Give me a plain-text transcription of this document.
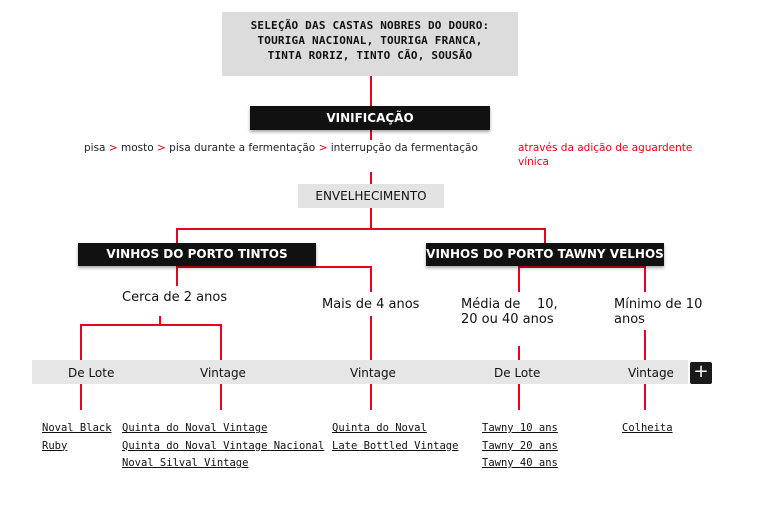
SELEÇÃO DAS CASTAS NOBRES DO DOURO:
TOURIGA NACIONAL, TOURIGA FRANCA,
TINTA RORIZ, TINTO CÃO, SOUSÃO
VINIFICAÇÃO
pisa > mosto > pisa durante a fermentação > interrupção da fermentação	através da adição de aguardente vínica
ENVELHECIMENTO
VINHOS DO PORTO TINTOS	VINHOS DO PORTO TAWNY VELHOS
Cerca de 2 anos	Mais de 4 anos	Média de    10,
20 ou 40 anos
Mínimo de 10
anos
De Lote	Vintage	Vintage	De Lote	Vintage +
Noval Black
Ruby
Quinta do Noval Vintage
Quinta do Noval Vintage Nacional
Noval Silval Vintage
Quinta do Noval
Late Bottled Vintage
Tawny 10 ans
Tawny 20 ans
Tawny 40 ans
Colheita
